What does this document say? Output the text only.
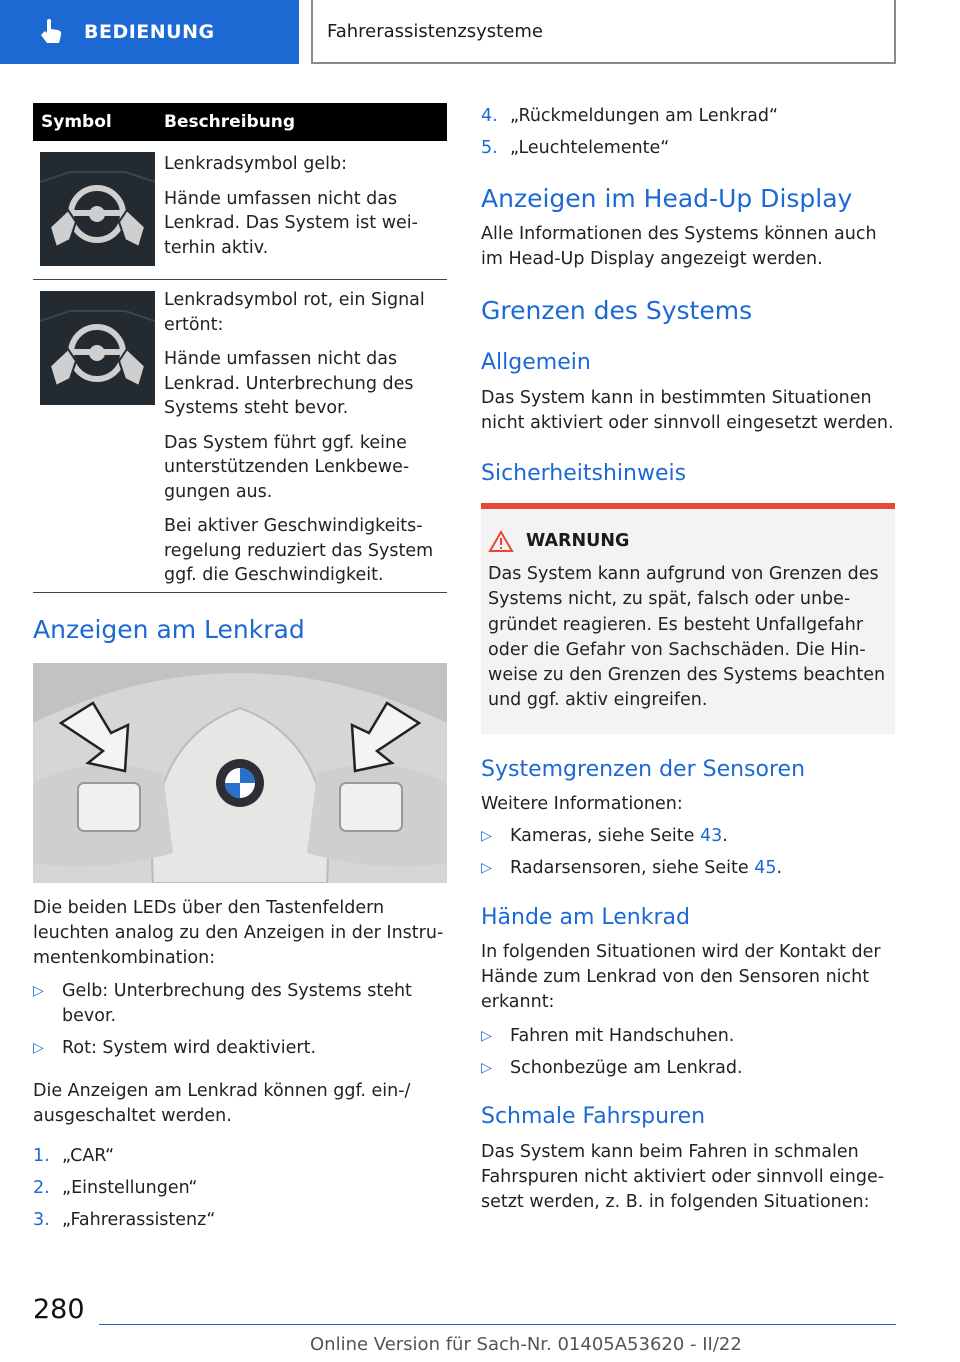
BEDIENUNG	Fahrerassistenzsysteme
Symbol	Beschreibung

Lenkradsymbol gelb:

Hände umfassen nicht das Lenkrad. Das System ist weiterhin aktiv.

Lenkradsymbol rot, ein Signal ertönt:

Hände umfassen nicht das Lenkrad. Unterbrechung des Systems steht bevor.

Das System führt ggf. keine unterstützenden Lenkbewegungen aus.

Bei aktiver Geschwindigkeitsregelung reduziert das System ggf. die Geschwindigkeit.

Anzeigen am Lenkrad
Die beiden LEDs über den Tastenfeldern leuchten analog zu den Anzeigen in der Instrumentenkombination:
▷ Gelb: Unterbrechung des Systems steht bevor.
▷ Rot: System wird deaktiviert.
Die Anzeigen am Lenkrad können ggf. ein-/ ausgeschaltet werden.
1. „CAR“
2. „Einstellungen“
3. „Fahrerassistenz“
4. „Rückmeldungen am Lenkrad“
5. „Leuchtelemente“
Anzeigen im Head-Up Display
Alle Informationen des Systems können auch im Head-Up Display angezeigt werden.
Grenzen des Systems
Allgemein
Das System kann in bestimmten Situationen nicht aktiviert oder sinnvoll eingesetzt werden.
Sicherheitshinweis
WARNUNG
Das System kann aufgrund von Grenzen des Systems nicht, zu spät, falsch oder unbegründet reagieren. Es besteht Unfallgefahr oder die Gefahr von Sachschäden. Die Hinweise zu den Grenzen des Systems beachten und ggf. aktiv eingreifen.
Systemgrenzen der Sensoren
Weitere Informationen:
▷ Kameras, siehe Seite 43.
▷ Radarsensoren, siehe Seite 45.
Hände am Lenkrad
In folgenden Situationen wird der Kontakt der Hände zum Lenkrad von den Sensoren nicht erkannt:
▷ Fahren mit Handschuhen.
▷ Schonbezüge am Lenkrad.
Schmale Fahrspuren
Das System kann beim Fahren in schmalen Fahrspuren nicht aktiviert oder sinnvoll eingesetzt werden, z. B. in folgenden Situationen:
280
Online Version für Sach-Nr. 01405A53620 - II/22
